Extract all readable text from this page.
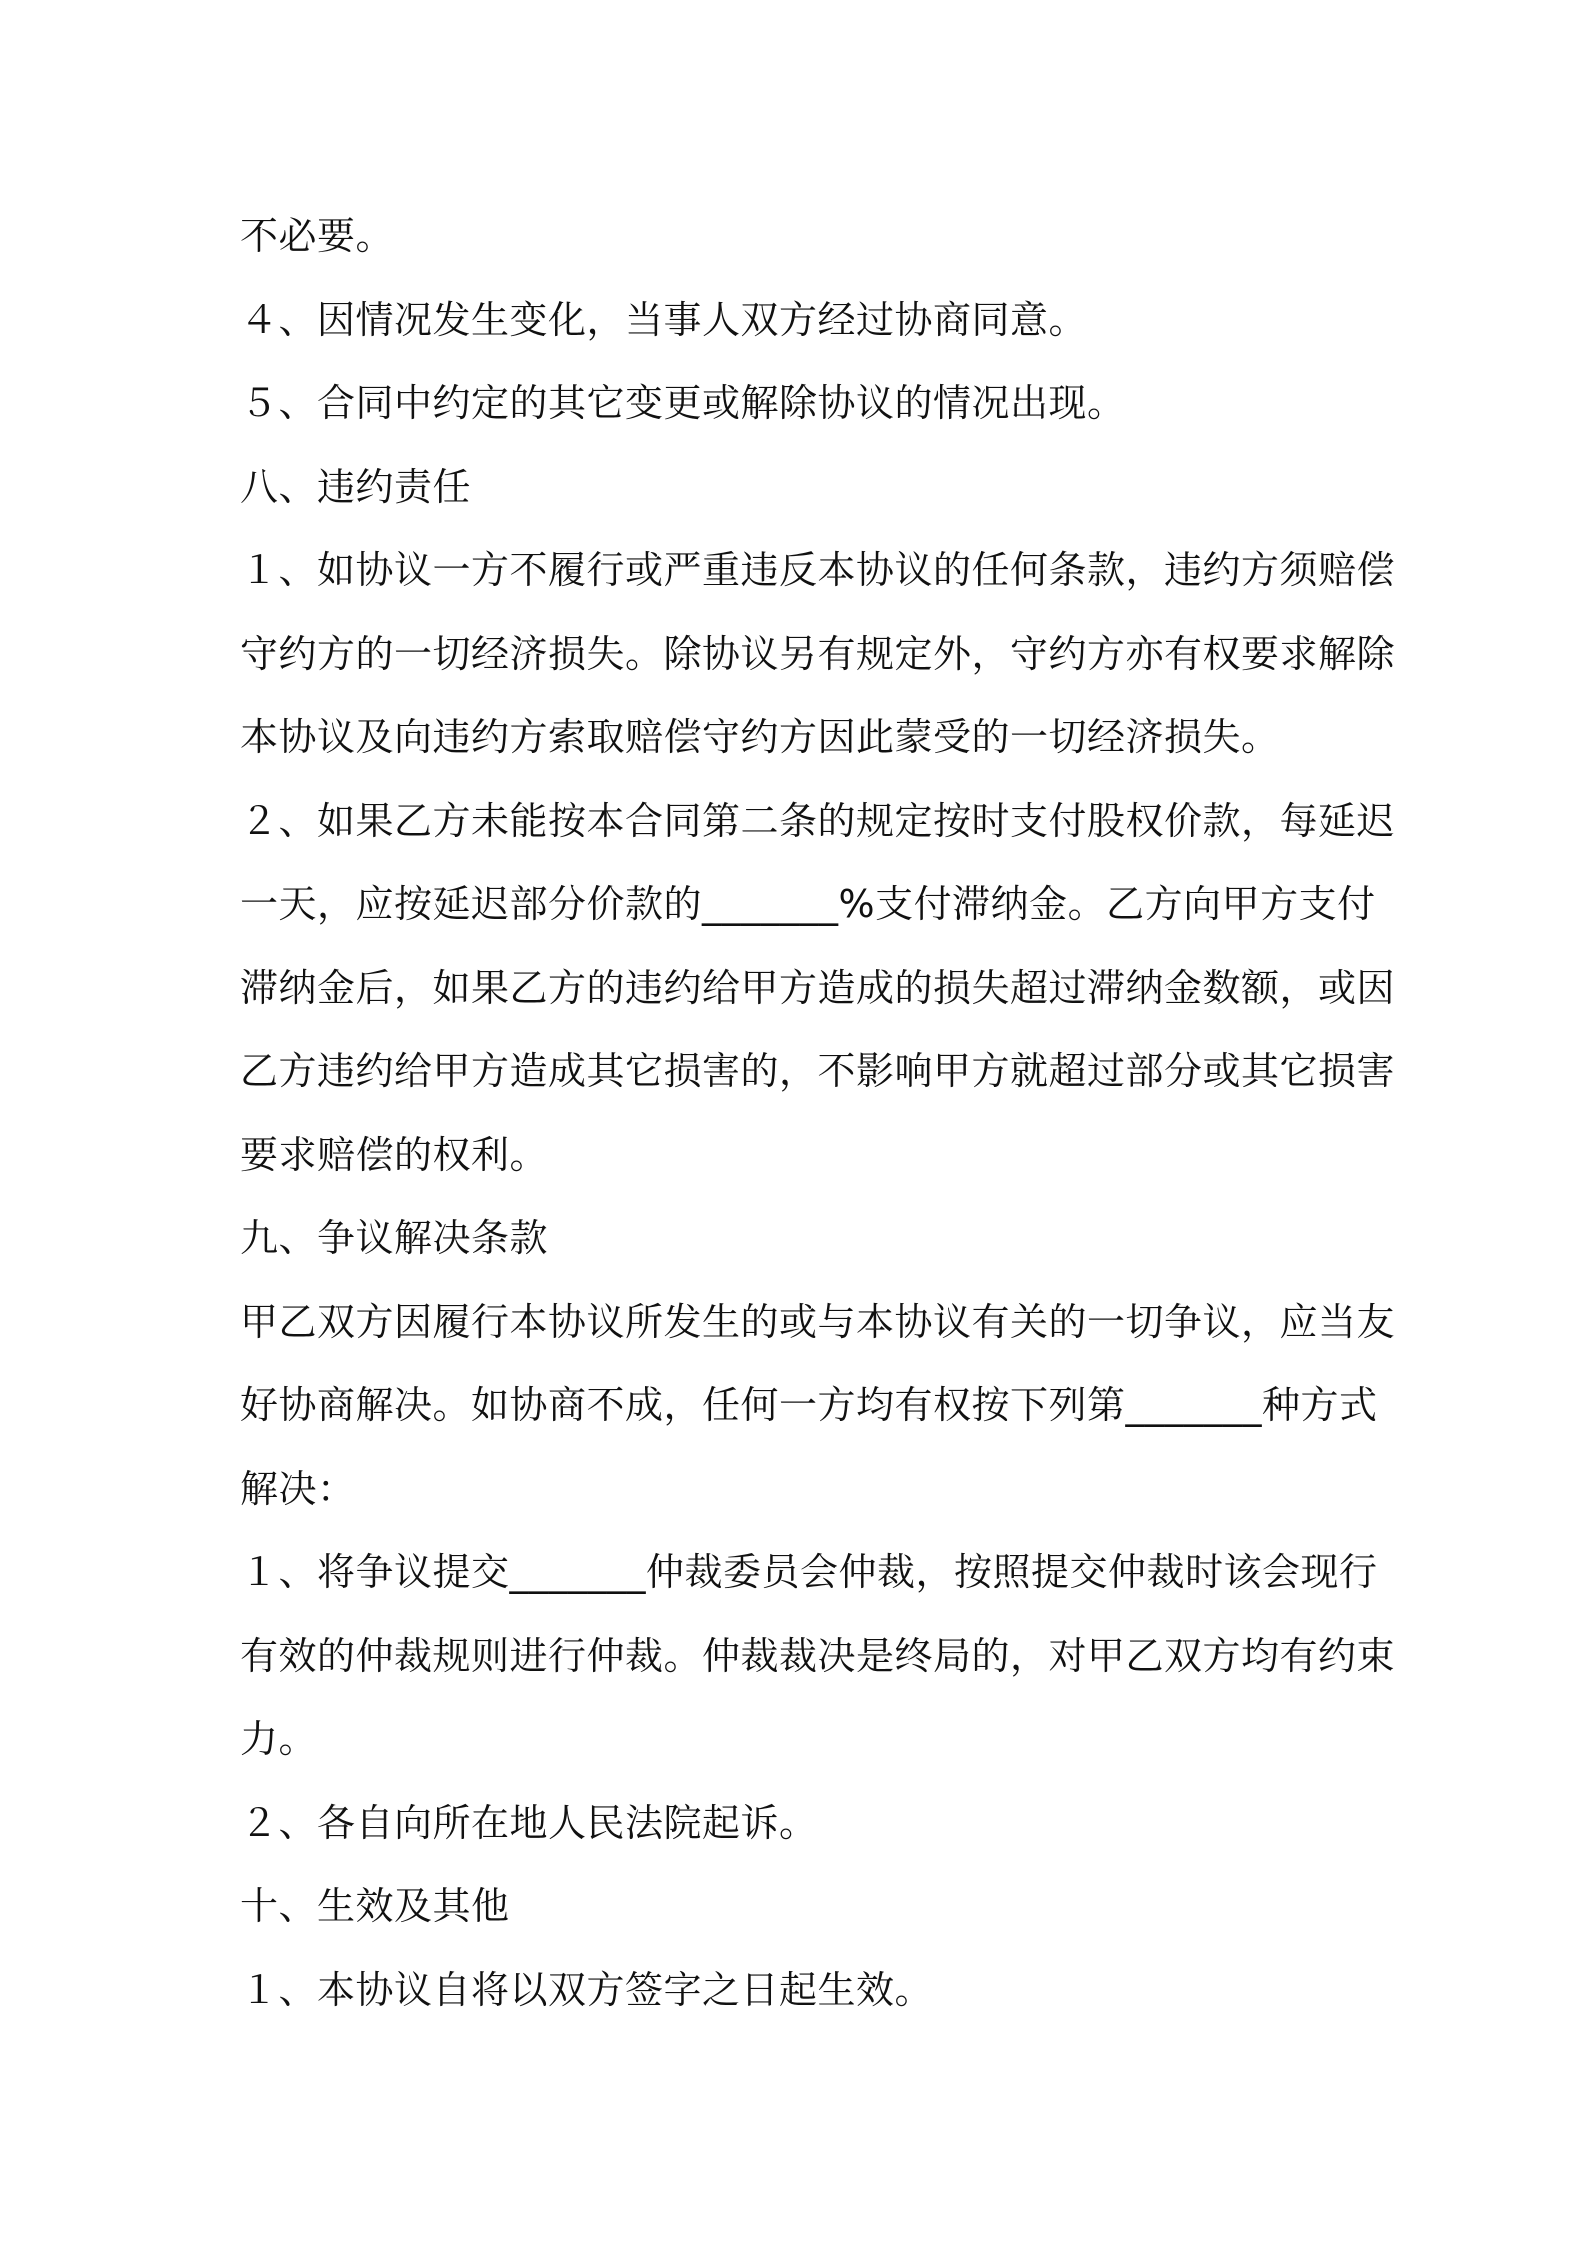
不必要。

４、因情况发生变化，当事人双方经过协商同意。

５、合同中约定的其它变更或解除协议的情况出现。

八、违约责任

１、如协议一方不履行或严重违反本协议的任何条款，违约方须赔偿

守约方的一切经济损失。除协议另有规定外，守约方亦有权要求解除

本协议及向违约方索取赔偿守约方因此蒙受的一切经济损失。

２、如果乙方未能按本合同第二条的规定按时支付股权价款，每延迟

一天，应按延迟部分价款的_______%支付滞纳金。乙方向甲方支付

滞纳金后，如果乙方的违约给甲方造成的损失超过滞纳金数额，或因

乙方违约给甲方造成其它损害的，不影响甲方就超过部分或其它损害

要求赔偿的权利。

九、争议解决条款

甲乙双方因履行本协议所发生的或与本协议有关的一切争议，应当友

好协商解决。如协商不成，任何一方均有权按下列第_______种方式

解决：

１、将争议提交_______仲裁委员会仲裁，按照提交仲裁时该会现行

有效的仲裁规则进行仲裁。仲裁裁决是终局的，对甲乙双方均有约束

力。

２、各自向所在地人民法院起诉。

十、生效及其他

１、本协议自将以双方签字之日起生效。
